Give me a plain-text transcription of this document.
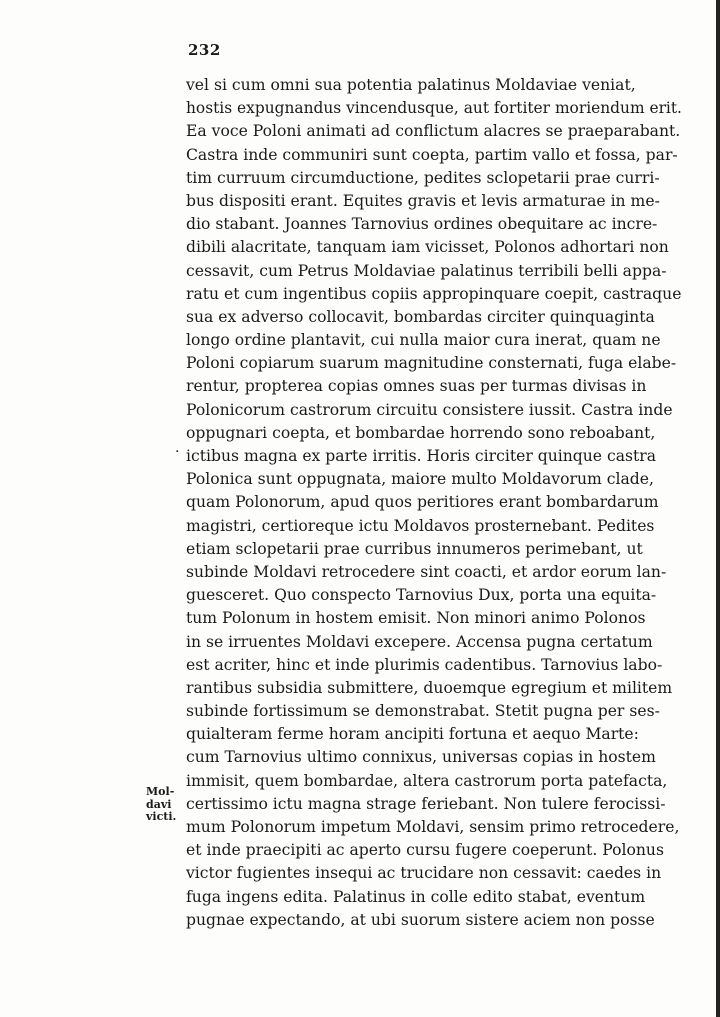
232
.
Mol-
davi
victi.
vel si cum omni sua potentia palatinus Moldaviae veniat,
hostis expugnandus vincendusque, aut fortiter moriendum erit.
Ea voce Poloni animati ad conflictum alacres se praeparabant.
Castra inde communiri sunt coepta, partim vallo et fossa, par-
tim curruum circumductione, pedites sclopetarii prae curri-
bus dispositi erant. Equites gravis et levis armaturae in me-
dio stabant. Joannes Tarnovius ordines obequitare ac incre-
dibili alacritate, tanquam iam vicisset, Polonos adhortari non
cessavit, cum Petrus Moldaviae palatinus terribili belli appa-
ratu et cum ingentibus copiis appropinquare coepit, castraque
sua ex adverso collocavit, bombardas circiter quinquaginta
longo ordine plantavit, cui nulla maior cura inerat, quam ne
Poloni copiarum suarum magnitudine consternati, fuga elabe-
rentur, propterea copias omnes suas per turmas divisas in
Polonicorum castrorum circuitu consistere iussit. Castra inde
oppugnari coepta, et bombardae horrendo sono reboabant,
ictibus magna ex parte irritis. Horis circiter quinque castra
Polonica sunt oppugnata, maiore multo Moldavorum clade,
quam Polonorum, apud quos peritiores erant bombardarum
magistri, certioreque ictu Moldavos prosternebant. Pedites
etiam sclopetarii prae curribus innumeros perimebant, ut
subinde Moldavi retrocedere sint coacti, et ardor eorum lan-
guesceret. Quo conspecto Tarnovius Dux, porta una equita-
tum Polonum in hostem emisit. Non minori animo Polonos
in se irruentes Moldavi excepere. Accensa pugna certatum
est acriter, hinc et inde plurimis cadentibus. Tarnovius labo-
rantibus subsidia submittere, duoemque egregium et militem
subinde fortissimum se demonstrabat. Stetit pugna per ses-
quialteram ferme horam ancipiti fortuna et aequo Marte:
cum Tarnovius ultimo connixus, universas copias in hostem
immisit, quem bombardae, altera castrorum porta patefacta,
certissimo ictu magna strage feriebant. Non tulere ferocissi-
mum Polonorum impetum Moldavi, sensim primo retrocedere,
et inde praecipiti ac aperto cursu fugere coeperunt. Polonus
victor fugientes insequi ac trucidare non cessavit: caedes in
fuga ingens edita. Palatinus in colle edito stabat, eventum
pugnae expectando, at ubi suorum sistere aciem non posse
